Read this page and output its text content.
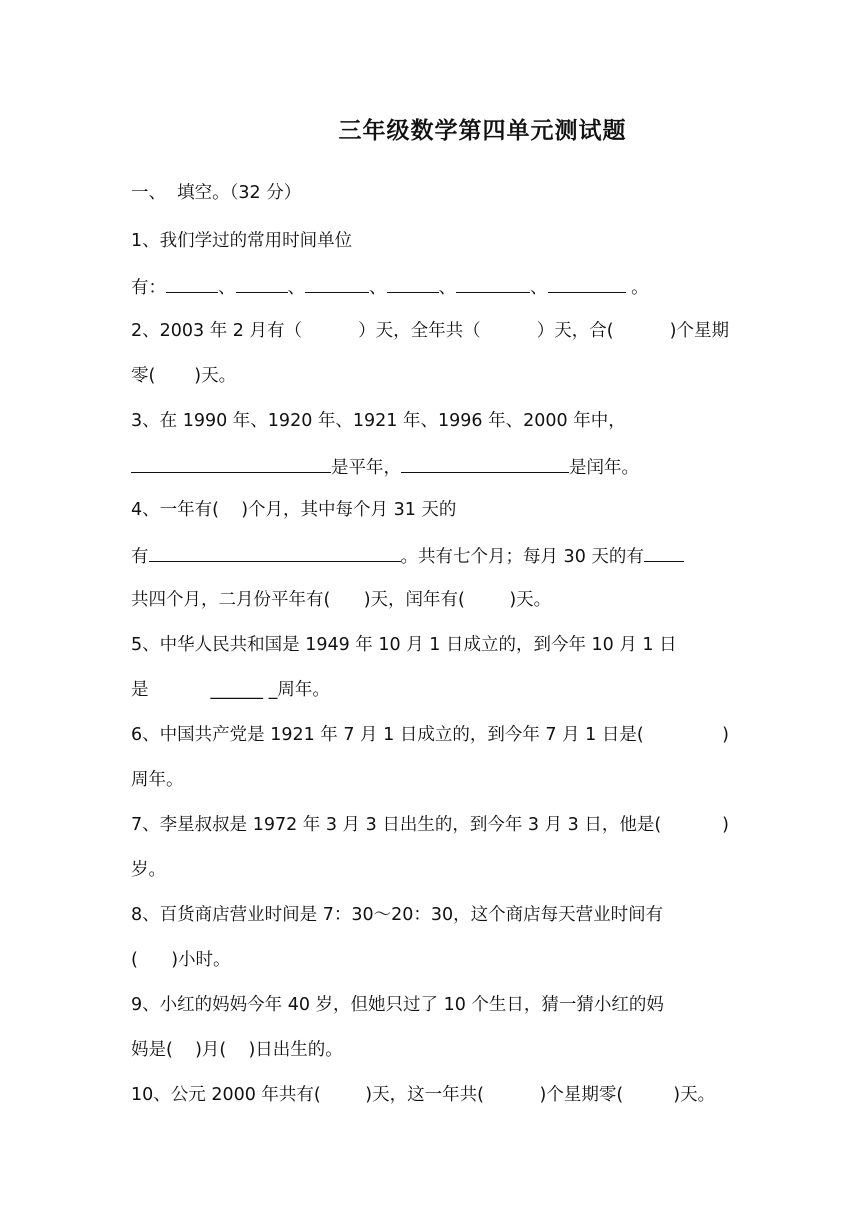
三年级数学第四单元测试题
一、  填空。（32 分）
1、我们学过的常用时间单位
有：	、	、	、	、	、	。
2、2003 年 2 月有（	）天，全年共（	）天，合(	)个星期
零(       )天。
3、在 1990 年、1920 年、1921 年、1996 年、2000 年中，
是平年，	是闰年。
4、一年有(    )个月，其中每个月 31 天的
有	。共有七个月；每月 30 天的有
共四个月，二月份平年有(      )天，闰年有(        )天。
5、中华人民共和国是 1949 年 10 月 1 日成立的，到今年 10 月 1 日
是	______ _周年。
6、中国共产党是 1921 年 7 月 1 日成立的，到今年 7 月 1 日是(	)
周年。
7、李星叔叔是 1972 年 3 月 3 日出生的，到今年 3 月 3 日，他是(	)
岁。
8、百货商店营业时间是 7：30～20：30，这个商店每天营业时间有
(      )小时。
9、小红的妈妈今年 40 岁，但她只过了 10 个生日，猜一猜小红的妈
妈是(    )月(    )日出生的。
10、公元 2000 年共有(        )天，这一年共(          )个星期零(         )天。
